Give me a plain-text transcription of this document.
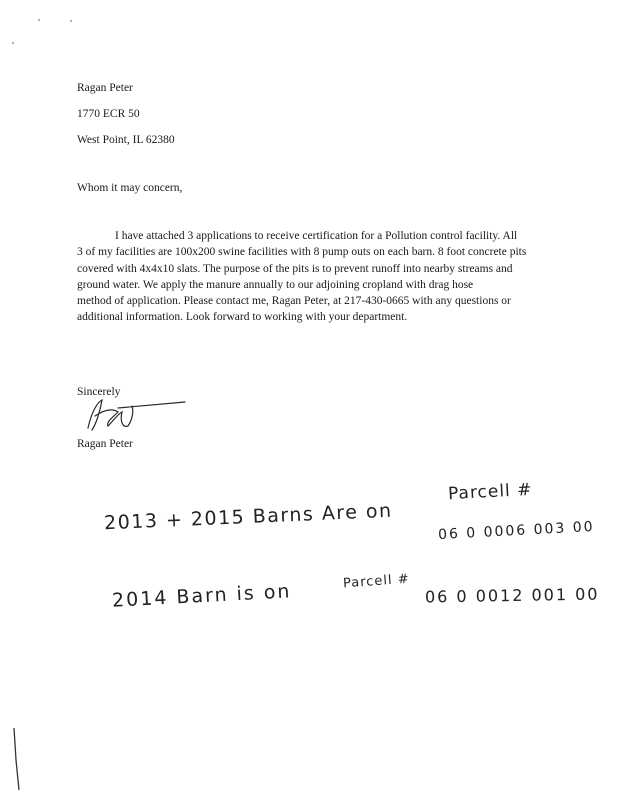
Ragan Peter
1770 ECR 50
West Point, IL 62380
Whom it may concern,
I have attached 3 applications to receive certification for a Pollution control facility. All
3 of my facilities are 100x200 swine facilities with 8 pump outs on each barn. 8 foot concrete pits
covered with 4x4x10 slats. The purpose of the pits is to prevent runoff into nearby streams and
ground water. We apply the manure annually to our adjoining cropland with drag hose
method of application. Please contact me, Ragan Peter, at 217-430-0665 with any questions or
additional information. Look forward to working with your department.
Sincerely
Ragan Peter
2013 + 2015 Barns Are on
Parcell #
06 0 0006 003 00
2014 Barn is on	Parcell #
06 0 0012 001 00
